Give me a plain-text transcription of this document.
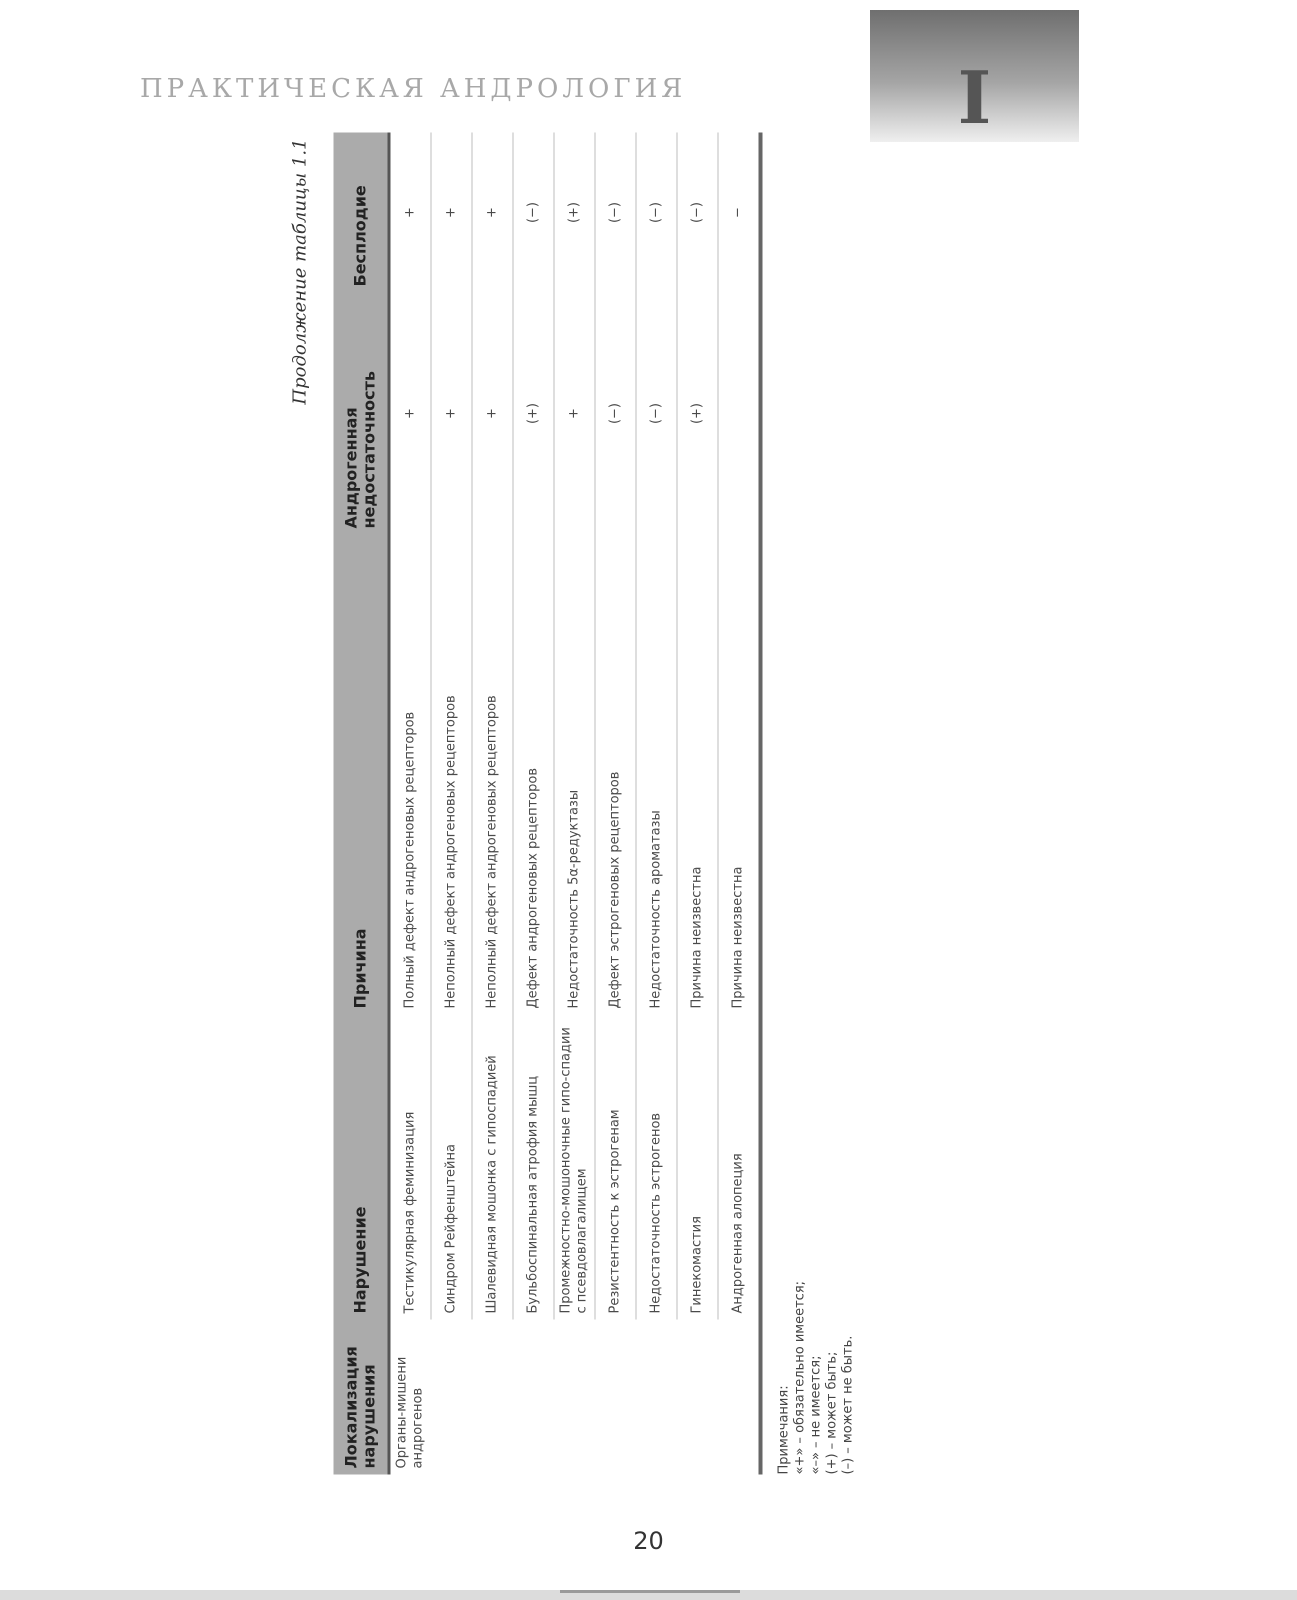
ПРАКТИЧЕСКАЯ АНДРОЛОГИЯ	I
Продолжение таблицы 1.1
Локализация нарушения	Нарушение	Причина	Андрогенная недостаточность	Бесплодие
Органы-мишени андрогенов	Тестикулярная феминизация	Полный дефект андрогеновых рецепторов	+	+
	Синдром Рейфенштейна	Неполный дефект андрогеновых рецепторов	+	+
	Шалевидная мошонка с гипоспадией	Неполный дефект андрогеновых рецепторов	+	+
	Бульбоспинальная атрофия мышц	Дефект андрогеновых рецепторов	(+)	(−)
	Промежностно-мошоночные гипо-спадии с псевдовлагалищем	Недостаточность 5α-редуктазы	+	(+)
	Резистентность к эстрогенам	Дефект эстрогеновых рецепторов	(−)	(−)
	Недостаточность эстрогенов	Недостаточность ароматазы	(−)	(−)
	Гинекомастия	Причина неизвестна	(+)	(−)
	Андрогенная алопеция	Причина неизвестна		−
Примечания: «+» – обязательно имеется; «–» – не имеется; (+) – может быть; (–) – может не быть.
20
